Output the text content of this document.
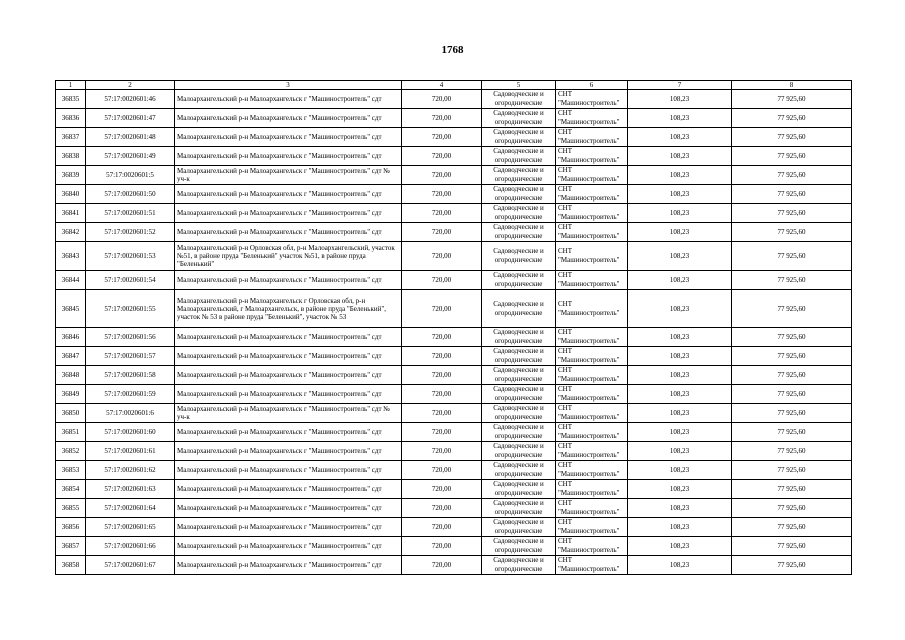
1768
1	2	3	4	5	6	7	8
36835	57:17:0020601:46	Малоархангельский р-н Малоархангельск г "Машиностроитель" сдт	720,00	Садоводческие и огороднические	СНТ "Машиностроитель"	108,23	77 925,60
36836	57:17:0020601:47	Малоархангельский р-н Малоархангельск г "Машиностроитель" сдт	720,00	Садоводческие и огороднические	СНТ "Машиностроитель"	108,23	77 925,60
36837	57:17:0020601:48	Малоархангельский р-н Малоархангельск г "Машиностроитель" сдт	720,00	Садоводческие и огороднические	СНТ "Машиностроитель"	108,23	77 925,60
36838	57:17:0020601:49	Малоархангельский р-н Малоархангельск г "Машиностроитель" сдт	720,00	Садоводческие и огороднические	СНТ "Машиностроитель"	108,23	77 925,60
36839	57:17:0020601:5	Малоархангельский р-н Малоархангельск г "Машиностроитель" сдт № уч-к	720,00	Садоводческие и огороднические	СНТ "Машиностроитель"	108,23	77 925,60
36840	57:17:0020601:50	Малоархангельский р-н Малоархангельск г "Машиностроитель" сдт	720,00	Садоводческие и огороднические	СНТ "Машиностроитель"	108,23	77 925,60
36841	57:17:0020601:51	Малоархангельский р-н Малоархангельск г "Машиностроитель" сдт	720,00	Садоводческие и огороднические	СНТ "Машиностроитель"	108,23	77 925,60
36842	57:17:0020601:52	Малоархангельский р-н Малоархангельск г "Машиностроитель" сдт	720,00	Садоводческие и огороднические	СНТ "Машиностроитель"	108,23	77 925,60
36843	57:17:0020601:53	Малоархангельский р-н Орловская обл, р-н Малоархангельский, участок №51, в районе пруда "Беленький" участок №51, в районе пруда "Беленький"	720,00	Садоводческие и огороднические	СНТ "Машиностроитель"	108,23	77 925,60
36844	57:17:0020601:54	Малоархангельский р-н Малоархангельск г "Машиностроитель" сдт	720,00	Садоводческие и огороднические	СНТ "Машиностроитель"	108,23	77 925,60
36845	57:17:0020601:55	Малоархангельский р-н Малоархангельск г Орловская обл, р-н Малоархангельский, г Малоархангельск, в районе пруда "Беленький", участок № 53 в районе пруда "Беленький", участок № 53	720,00	Садоводческие и огороднические	СНТ "Машиностроитель"	108,23	77 925,60
36846	57:17:0020601:56	Малоархангельский р-н Малоархангельск г "Машиностроитель" сдт	720,00	Садоводческие и огороднические	СНТ "Машиностроитель"	108,23	77 925,60
36847	57:17:0020601:57	Малоархангельский р-н Малоархангельск г "Машиностроитель" сдт	720,00	Садоводческие и огороднические	СНТ "Машиностроитель"	108,23	77 925,60
36848	57:17:0020601:58	Малоархангельский р-н Малоархангельск г "Машиностроитель" сдт	720,00	Садоводческие и огороднические	СНТ "Машиностроитель"	108,23	77 925,60
36849	57:17:0020601:59	Малоархангельский р-н Малоархангельск г "Машиностроитель" сдт	720,00	Садоводческие и огороднические	СНТ "Машиностроитель"	108,23	77 925,60
36850	57:17:0020601:6	Малоархангельский р-н Малоархангельск г "Машиностроитель" сдт № уч-к	720,00	Садоводческие и огороднические	СНТ "Машиностроитель"	108,23	77 925,60
36851	57:17:0020601:60	Малоархангельский р-н Малоархангельск г "Машиностроитель" сдт	720,00	Садоводческие и огороднические	СНТ "Машиностроитель"	108,23	77 925,60
36852	57:17:0020601:61	Малоархангельский р-н Малоархангельск г "Машиностроитель" сдт	720,00	Садоводческие и огороднические	СНТ "Машиностроитель"	108,23	77 925,60
36853	57:17:0020601:62	Малоархангельский р-н Малоархангельск г "Машиностроитель" сдт	720,00	Садоводческие и огороднические	СНТ "Машиностроитель"	108,23	77 925,60
36854	57:17:0020601:63	Малоархангельский р-н Малоархангельск г "Машиностроитель" сдт	720,00	Садоводческие и огороднические	СНТ "Машиностроитель"	108,23	77 925,60
36855	57:17:0020601:64	Малоархангельский р-н Малоархангельск г "Машиностроитель" сдт	720,00	Садоводческие и огороднические	СНТ "Машиностроитель"	108,23	77 925,60
36856	57:17:0020601:65	Малоархангельский р-н Малоархангельск г "Машиностроитель" сдт	720,00	Садоводческие и огороднические	СНТ "Машиностроитель"	108,23	77 925,60
36857	57:17:0020601:66	Малоархангельский р-н Малоархангельск г "Машиностроитель" сдт	720,00	Садоводческие и огороднические	СНТ "Машиностроитель"	108,23	77 925,60
36858	57:17:0020601:67	Малоархангельский р-н Малоархангельск г "Машиностроитель" сдт	720,00	Садоводческие и огороднические	СНТ "Машиностроитель"	108,23	77 925,60
